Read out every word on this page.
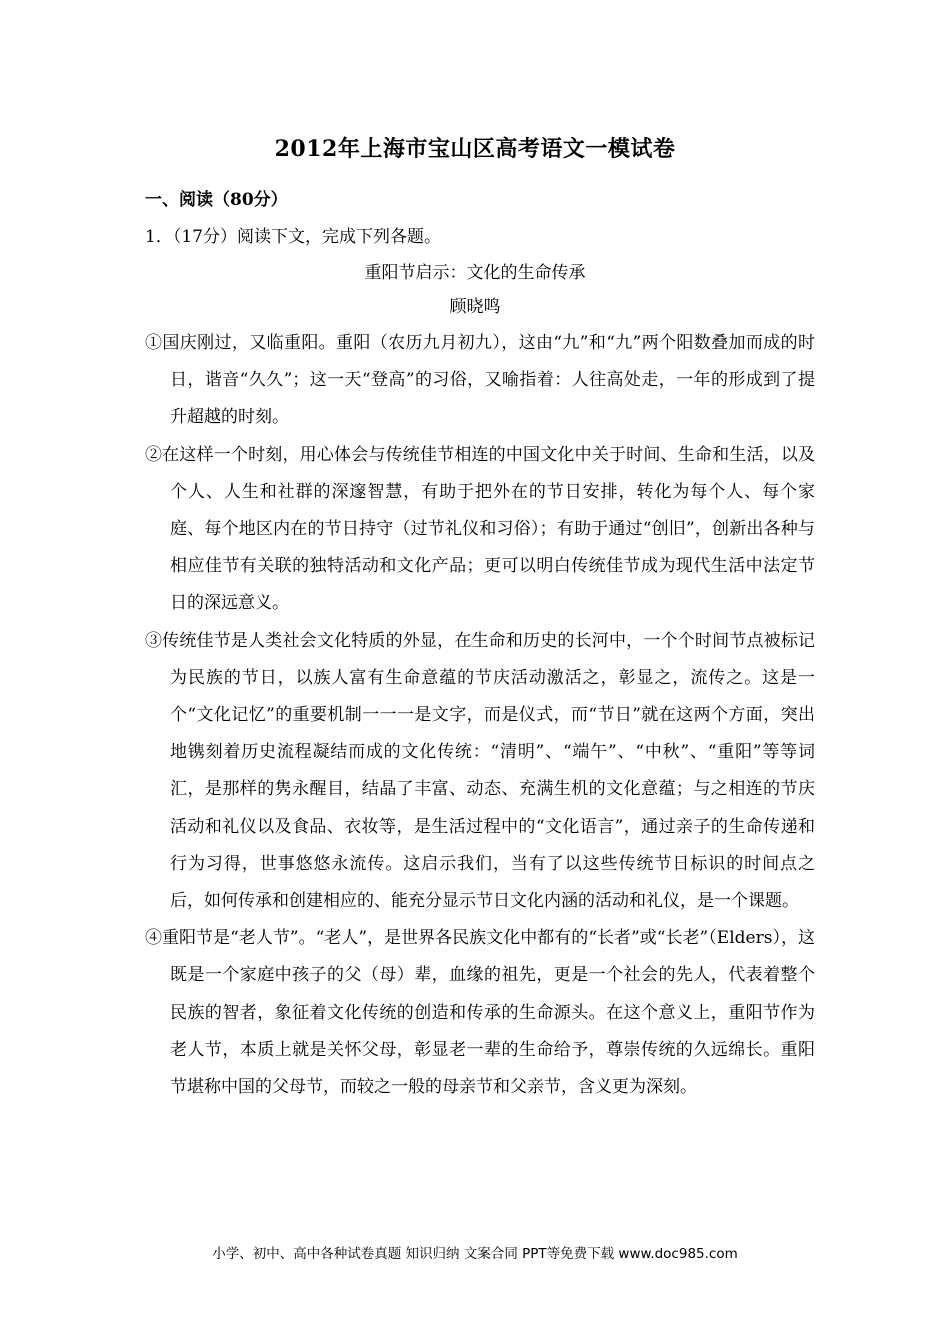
2012年上海市宝山区高考语文一模试卷
一、阅读（80分）
1．（17分）阅读下文，完成下列各题。
重阳节启示：文化的生命传承
顾晓鸣

①国庆刚过，又临重阳。重阳（农历九月初九），这由“九”和“九”两个阳数叠加而成的时日，谐音“久久”；这一天“登高”的习俗，又喻指着：人往高处走，一年的形成到了提升超越的时刻。

②在这样一个时刻，用心体会与传统佳节相连的中国文化中关于时间、生命和生活，以及个人、人生和社群的深邃智慧，有助于把外在的节日安排，转化为每个人、每个家庭、每个地区内在的节日持守（过节礼仪和习俗）；有助于通过“创旧”，创新出各种与相应佳节有关联的独特活动和文化产品；更可以明白传统佳节成为现代生活中法定节日的深远意义。

③传统佳节是人类社会文化特质的外显，在生命和历史的长河中，一个个时间节点被标记为民族的节日，以族人富有生命意蕴的节庆活动激活之，彰显之，流传之。这是一个“文化记忆”的重要机制一一一是文字，而是仪式，而“节日”就在这两个方面，突出地镌刻着历史流程凝结而成的文化传统：“清明”、“端午”、“中秋”、“重阳”等等词汇，是那样的隽永醒目，结晶了丰富、动态、充满生机的文化意蕴；与之相连的节庆活动和礼仪以及食品、衣妆等，是生活过程中的“文化语言”，通过亲子的生命传递和行为习得，世事悠悠永流传。这启示我们，当有了以这些传统节日标识的时间点之后，如何传承和创建相应的、能充分显示节日文化内涵的活动和礼仪，是一个课题。

④重阳节是“老人节”。“老人”，是世界各民族文化中都有的“长者”或“长老”（Elders），这既是一个家庭中孩子的父（母）辈，血缘的祖先，更是一个社会的先人，代表着整个民族的智者，象征着文化传统的创造和传承的生命源头。在这个意义上，重阳节作为老人节，本质上就是关怀父母，彰显老一辈的生命给予，尊崇传统的久远绵长。重阳节堪称中国的父母节，而较之一般的母亲节和父亲节，含义更为深刻。

小学、初中、高中各种试卷真题 知识归纳 文案合同 PPT等免费下载 www.doc985.com
